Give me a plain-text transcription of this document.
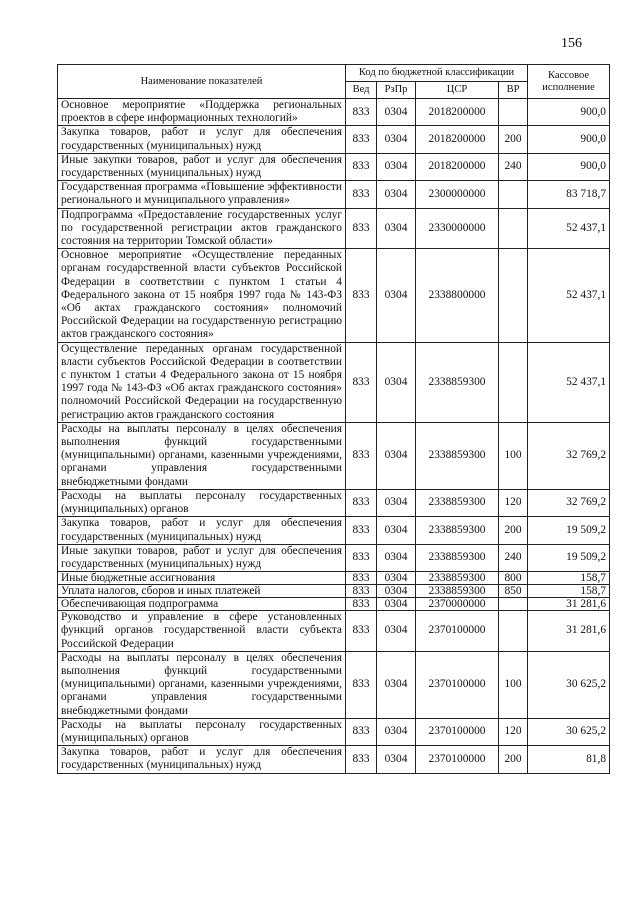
156
Наименование показателей	Код по бюджетной классификации				Кассовое исполнение
	Вед	РзПр	ЦСР	ВР	
Основное мероприятие «Поддержка региональных проектов в сфере информационных технологий»	833	0304	2018200000		900,0
Закупка товаров, работ и услуг для обеспечения государственных (муниципальных) нужд	833	0304	2018200000	200	900,0
Иные закупки товаров, работ и услуг для обеспечения государственных (муниципальных) нужд	833	0304	2018200000	240	900,0
Государственная программа «Повышение эффективности регионального и муниципального управления»	833	0304	2300000000		83 718,7
Подпрограмма «Предоставление государственных услуг по государственной регистрации актов гражданского состояния на территории Томской области»	833	0304	2330000000		52 437,1
Основное мероприятие «Осуществление переданных органам государственной власти субъектов Российской Федерации в соответствии с пунктом 1 статьи 4 Федерального закона от 15 ноября 1997 года № 143-ФЗ «Об актах гражданского состояния» полномочий Российской Федерации на государственную регистрацию актов гражданского состояния»	833	0304	2338800000		52 437,1
Осуществление переданных органам государственной власти субъектов Российской Федерации в соответствии с пунктом 1 статьи 4 Федерального закона от 15 ноября 1997 года № 143-ФЗ «Об актах гражданского состояния» полномочий Российской Федерации на государственную регистрацию актов гражданского состояния	833	0304	2338859300		52 437,1
Расходы на выплаты персоналу в целях обеспечения выполнения функций государственными (муниципальными) органами, казенными учреждениями, органами управления государственными внебюджетными фондами	833	0304	2338859300	100	32 769,2
Расходы на выплаты персоналу государственных (муниципальных) органов	833	0304	2338859300	120	32 769,2
Закупка товаров, работ и услуг для обеспечения государственных (муниципальных) нужд	833	0304	2338859300	200	19 509,2
Иные закупки товаров, работ и услуг для обеспечения государственных (муниципальных) нужд	833	0304	2338859300	240	19 509,2
Иные бюджетные ассигнования	833	0304	2338859300	800	158,7
Уплата налогов, сборов и иных платежей	833	0304	2338859300	850	158,7
Обеспечивающая подпрограмма	833	0304	2370000000		31 281,6
Руководство и управление в сфере установленных функций органов государственной власти субъекта Российской Федерации	833	0304	2370100000		31 281,6
Расходы на выплаты персоналу в целях обеспечения выполнения функций государственными (муниципальными) органами, казенными учреждениями, органами управления государственными внебюджетными фондами	833	0304	2370100000	100	30 625,2
Расходы на выплаты персоналу государственных (муниципальных) органов	833	0304	2370100000	120	30 625,2
Закупка товаров, работ и услуг для обеспечения государственных (муниципальных) нужд	833	0304	2370100000	200	81,8
